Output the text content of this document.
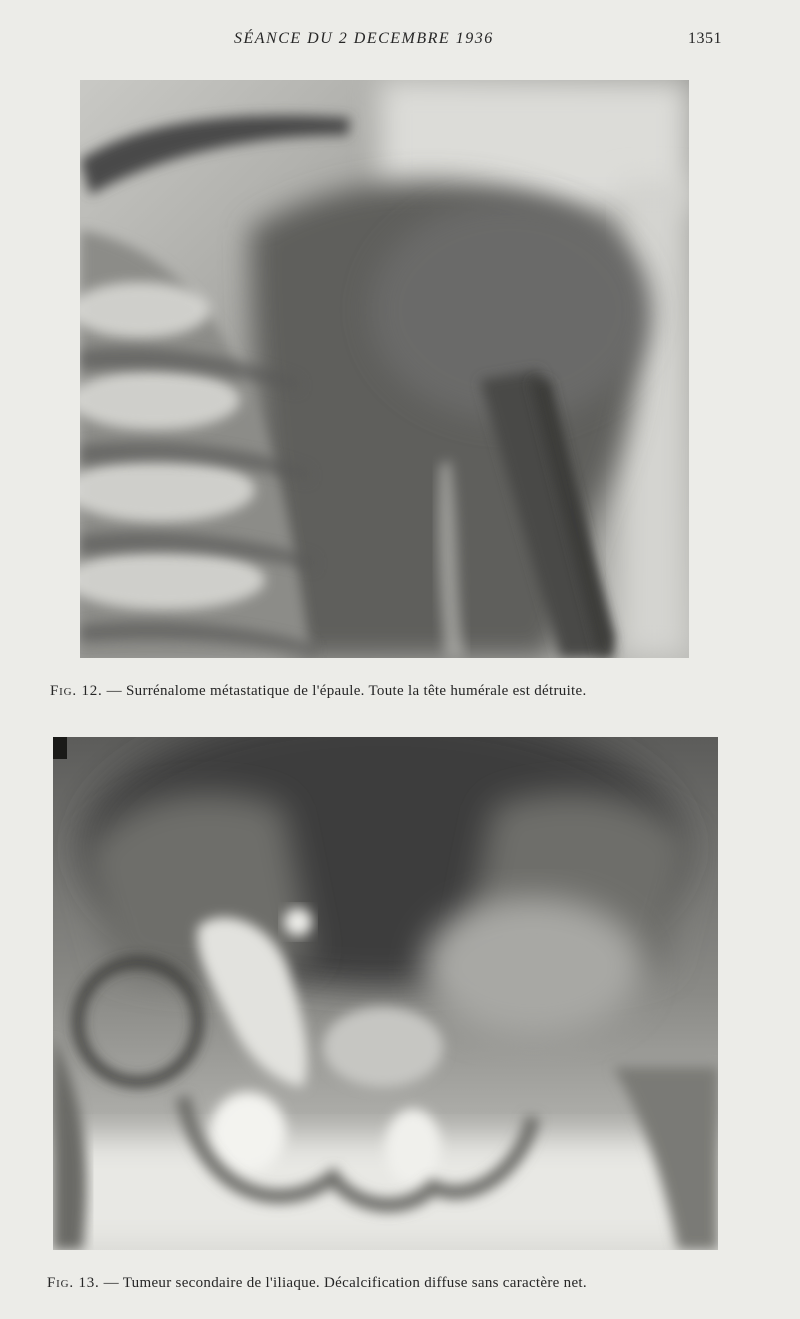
SÉANCE DU 2 DECEMBRE 1936	1351
Fig. 12. — Surrénalome métastatique de l'épaule. Toute la tête humérale est détruite.
Fig. 13. — Tumeur secondaire de l'iliaque. Décalcification diffuse sans caractère net.
